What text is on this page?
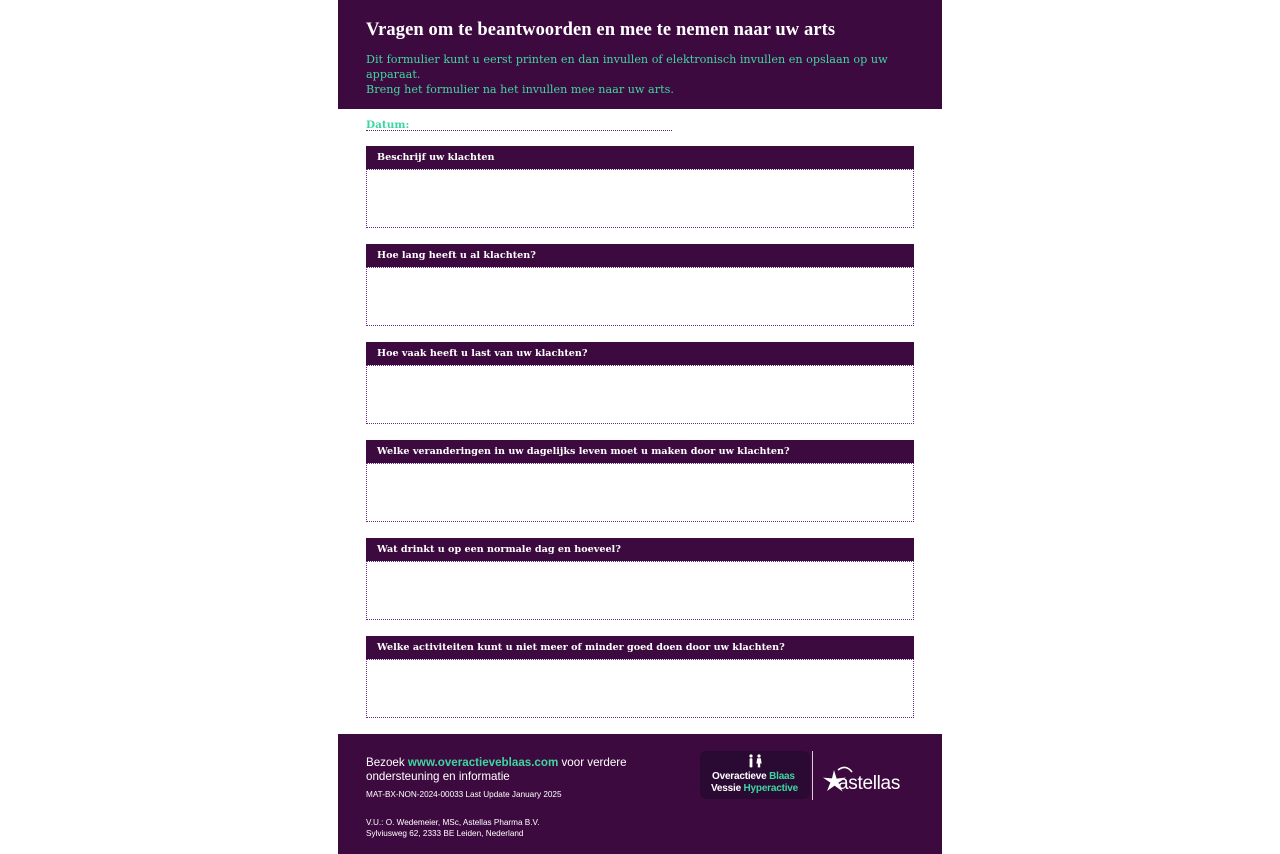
Vragen om te beantwoorden en mee te nemen naar uw arts
Dit formulier kunt u eerst printen en dan invullen of elektronisch invullen en opslaan op uw apparaat.
Breng het formulier na het invullen mee naar uw arts.
Datum:
Beschrijf uw klachten
Hoe lang heeft u al klachten?
Hoe vaak heeft u last van uw klachten?
Welke veranderingen in uw dagelijks leven moet u maken door uw klachten?
Wat drinkt u op een normale dag en hoeveel?
Welke activiteiten kunt u niet meer of minder goed doen door uw klachten?
Bezoek www.overactieveblaas.com voor verdere ondersteuning en informatie
MAT-BX-NON-2024-00033 Last Update January 2025
V.U.: O. Wedemeier, MSc, Astellas Pharma B.V.
Sylviusweg 62, 2333 BE Leiden, Nederland
Overactieve Blaas
Vessie Hyperactive astellas
